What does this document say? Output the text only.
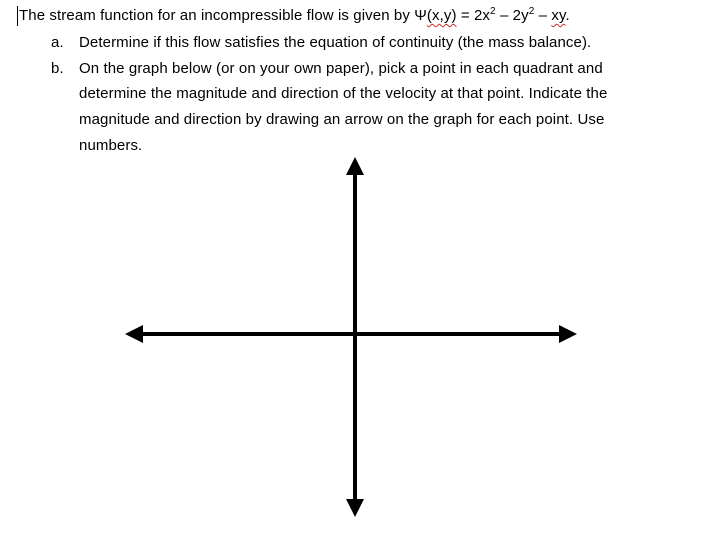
The stream function for an incompressible flow is given by $\Psi(x,y) = 2x^2 - 2y^2$ – xy.
a. Determine if this flow satisfies the equation of continuity (the mass balance).
b. On the graph below (or on your own paper), pick a point in each quadrant and
determine the magnitude and direction of the velocity at that point. Indicate the
magnitude and direction by drawing an arrow on the graph for each point. Use
numbers.
